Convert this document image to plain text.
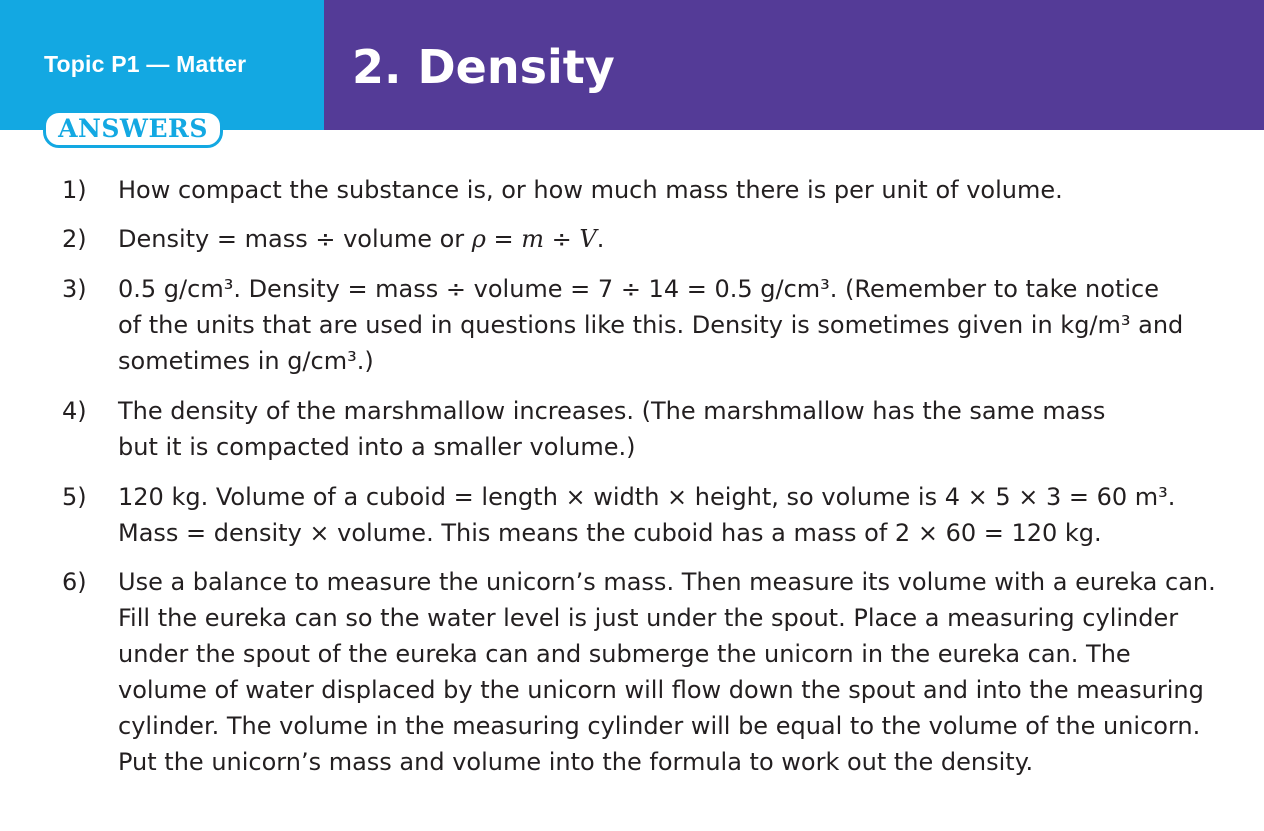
Topic P1 — Matter 2. Density
ANSWERS
1)	How compact the substance is, or how much mass there is per unit of volume.
2)	Density = mass ÷ volume or ρ = m ÷ V.
3)	0.5 g/cm³. Density = mass ÷ volume = 7 ÷ 14 = 0.5 g/cm³. (Remember to take notice
of the units that are used in questions like this. Density is sometimes given in kg/m³ and
sometimes in g/cm³.)
4)	The density of the marshmallow increases. (The marshmallow has the same mass
but it is compacted into a smaller volume.)
5)	120 kg. Volume of a cuboid = length × width × height, so volume is 4 × 5 × 3 = 60 m³.
Mass = density × volume. This means the cuboid has a mass of 2 × 60 = 120 kg.
6)	Use a balance to measure the unicorn’s mass. Then measure its volume with a eureka can.
Fill the eureka can so the water level is just under the spout. Place a measuring cylinder
under the spout of the eureka can and submerge the unicorn in the eureka can. The
volume of water displaced by the unicorn will flow down the spout and into the measuring
cylinder. The volume in the measuring cylinder will be equal to the volume of the unicorn.
Put the unicorn’s mass and volume into the formula to work out the density.
